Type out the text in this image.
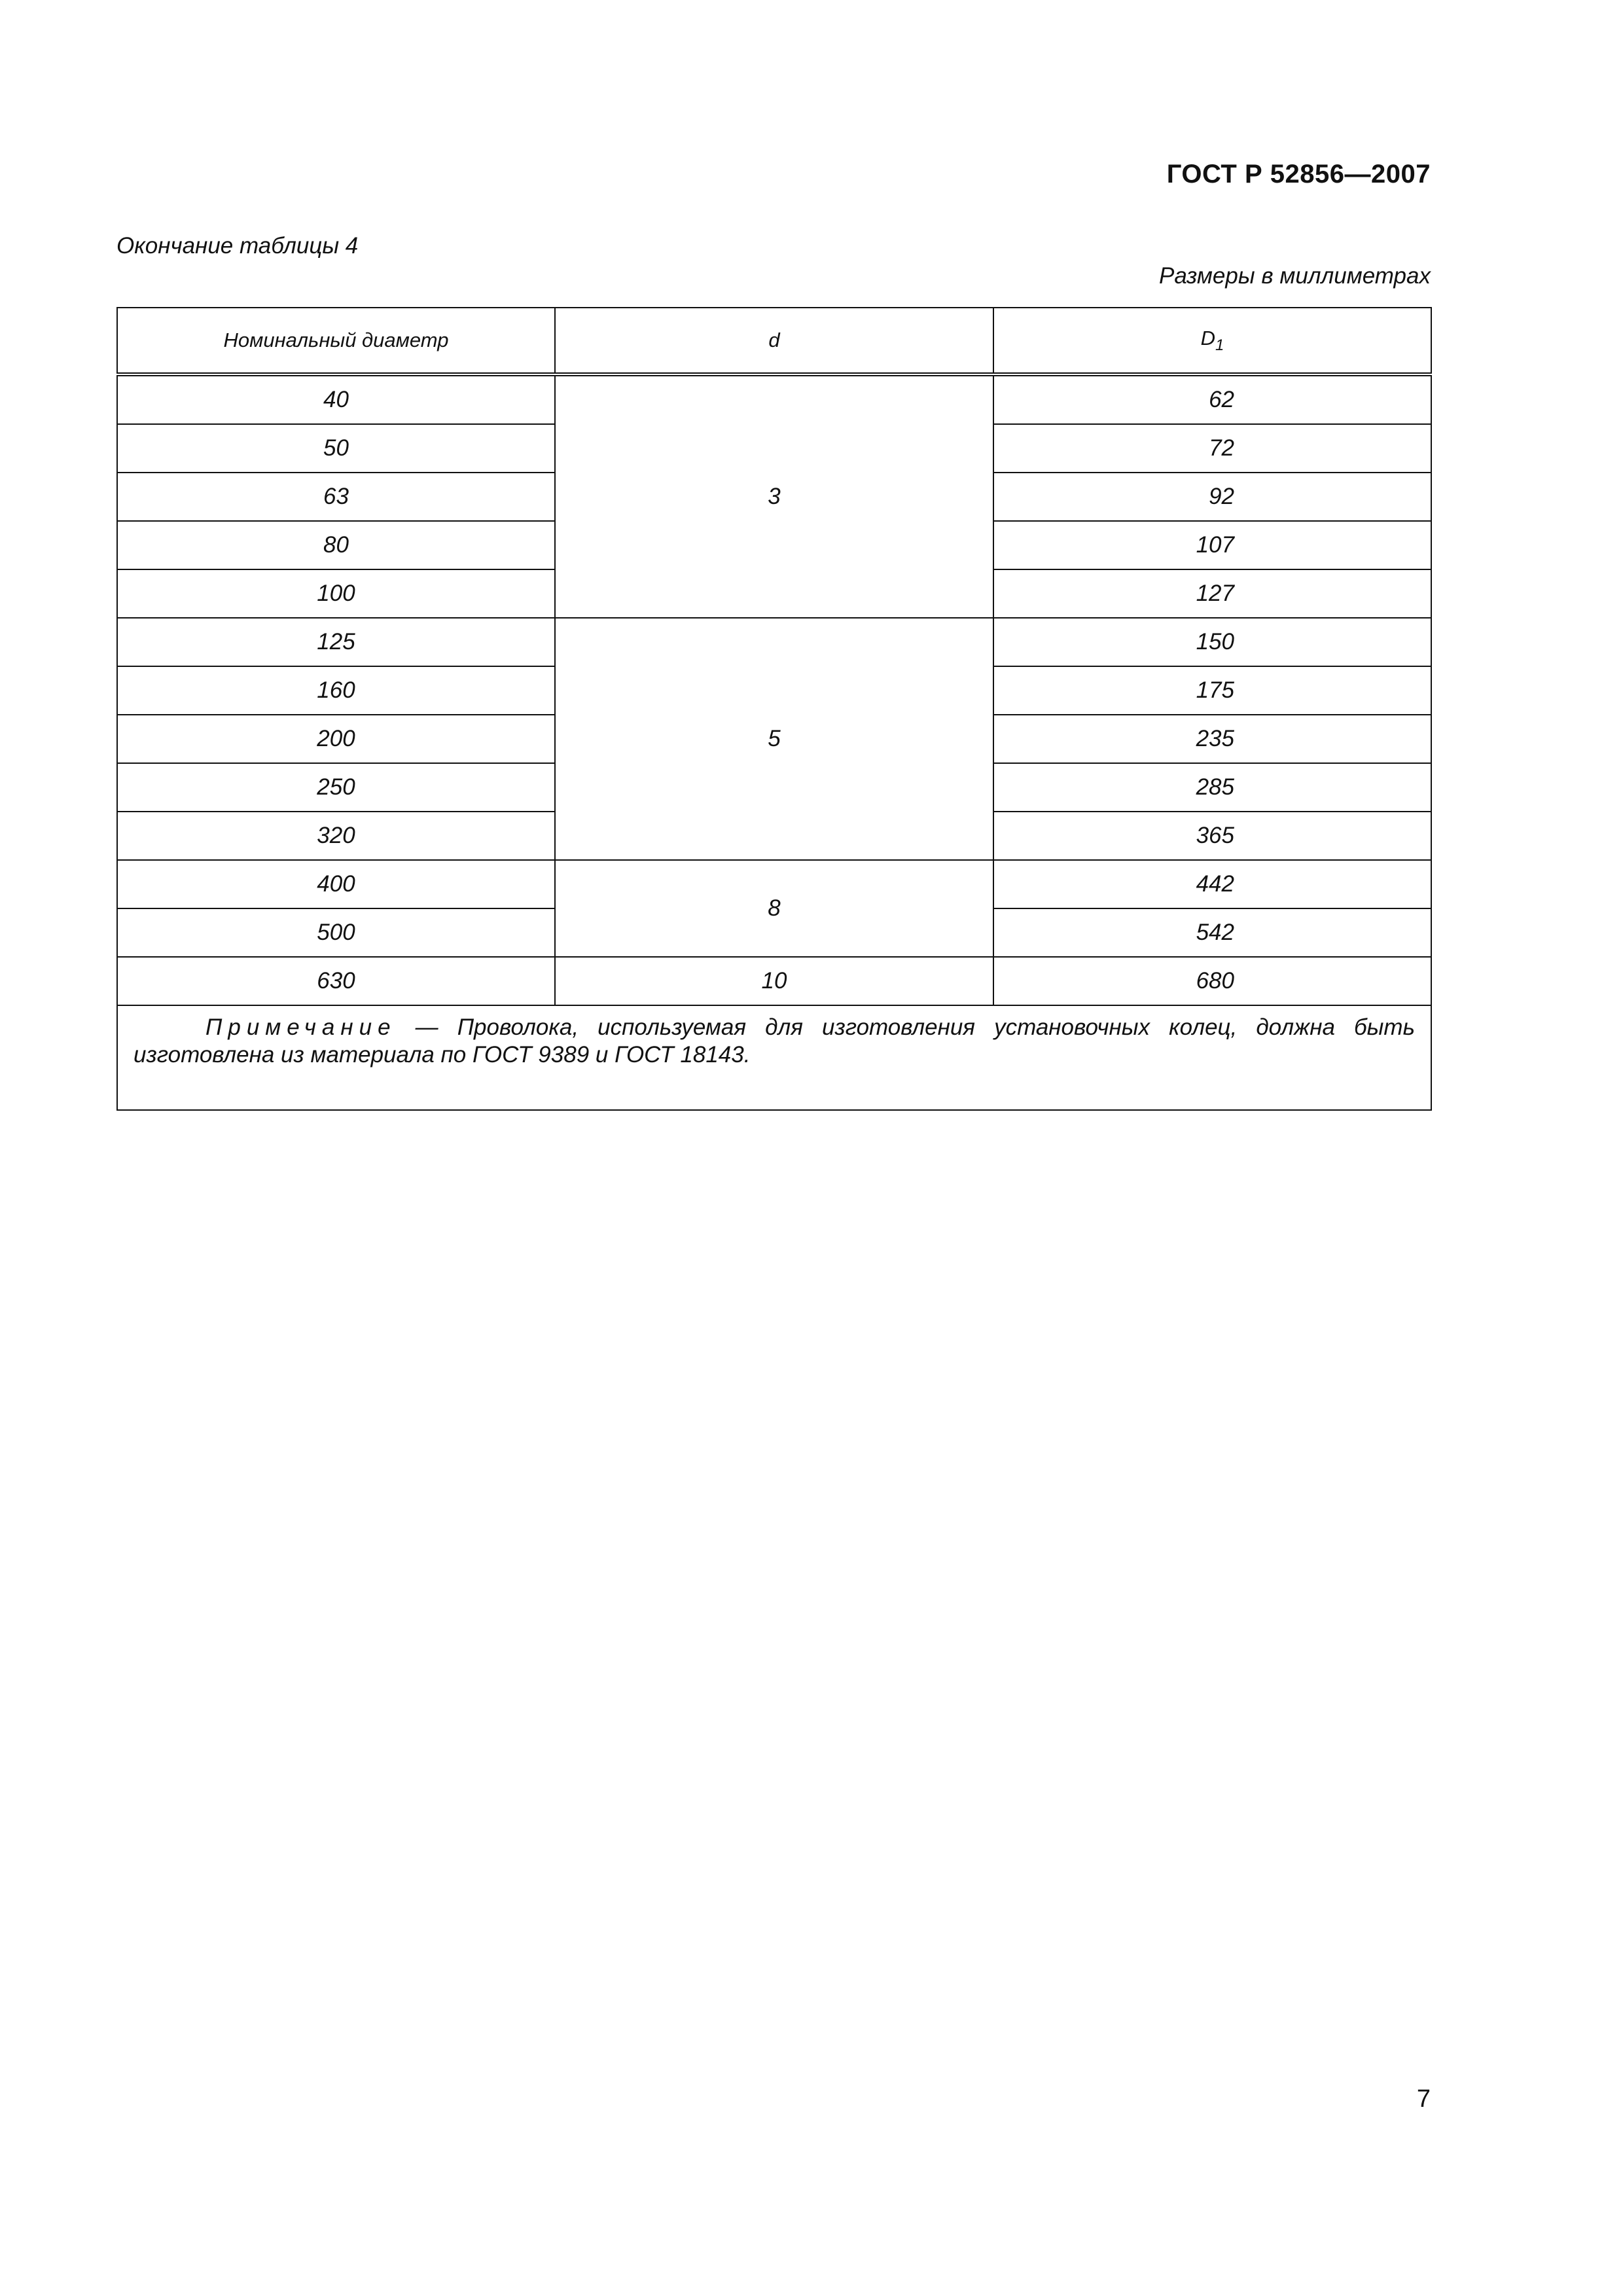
ГОСТ Р 52856—2007
Окончание таблицы 4
Размеры в миллиметрах
Номинальный диаметр	d	$D_1$
40	3	62
50		72
63		92
80		107
100		127
125	5	150
160		175
200		235
250		285
320		365
400	8	442
500		542
630	10	680
Примечание — Проволока, используемая для изготовления установочных колец, должна быть изготовлена из материала по ГОСТ 9389 и ГОСТ 18143.		
7
